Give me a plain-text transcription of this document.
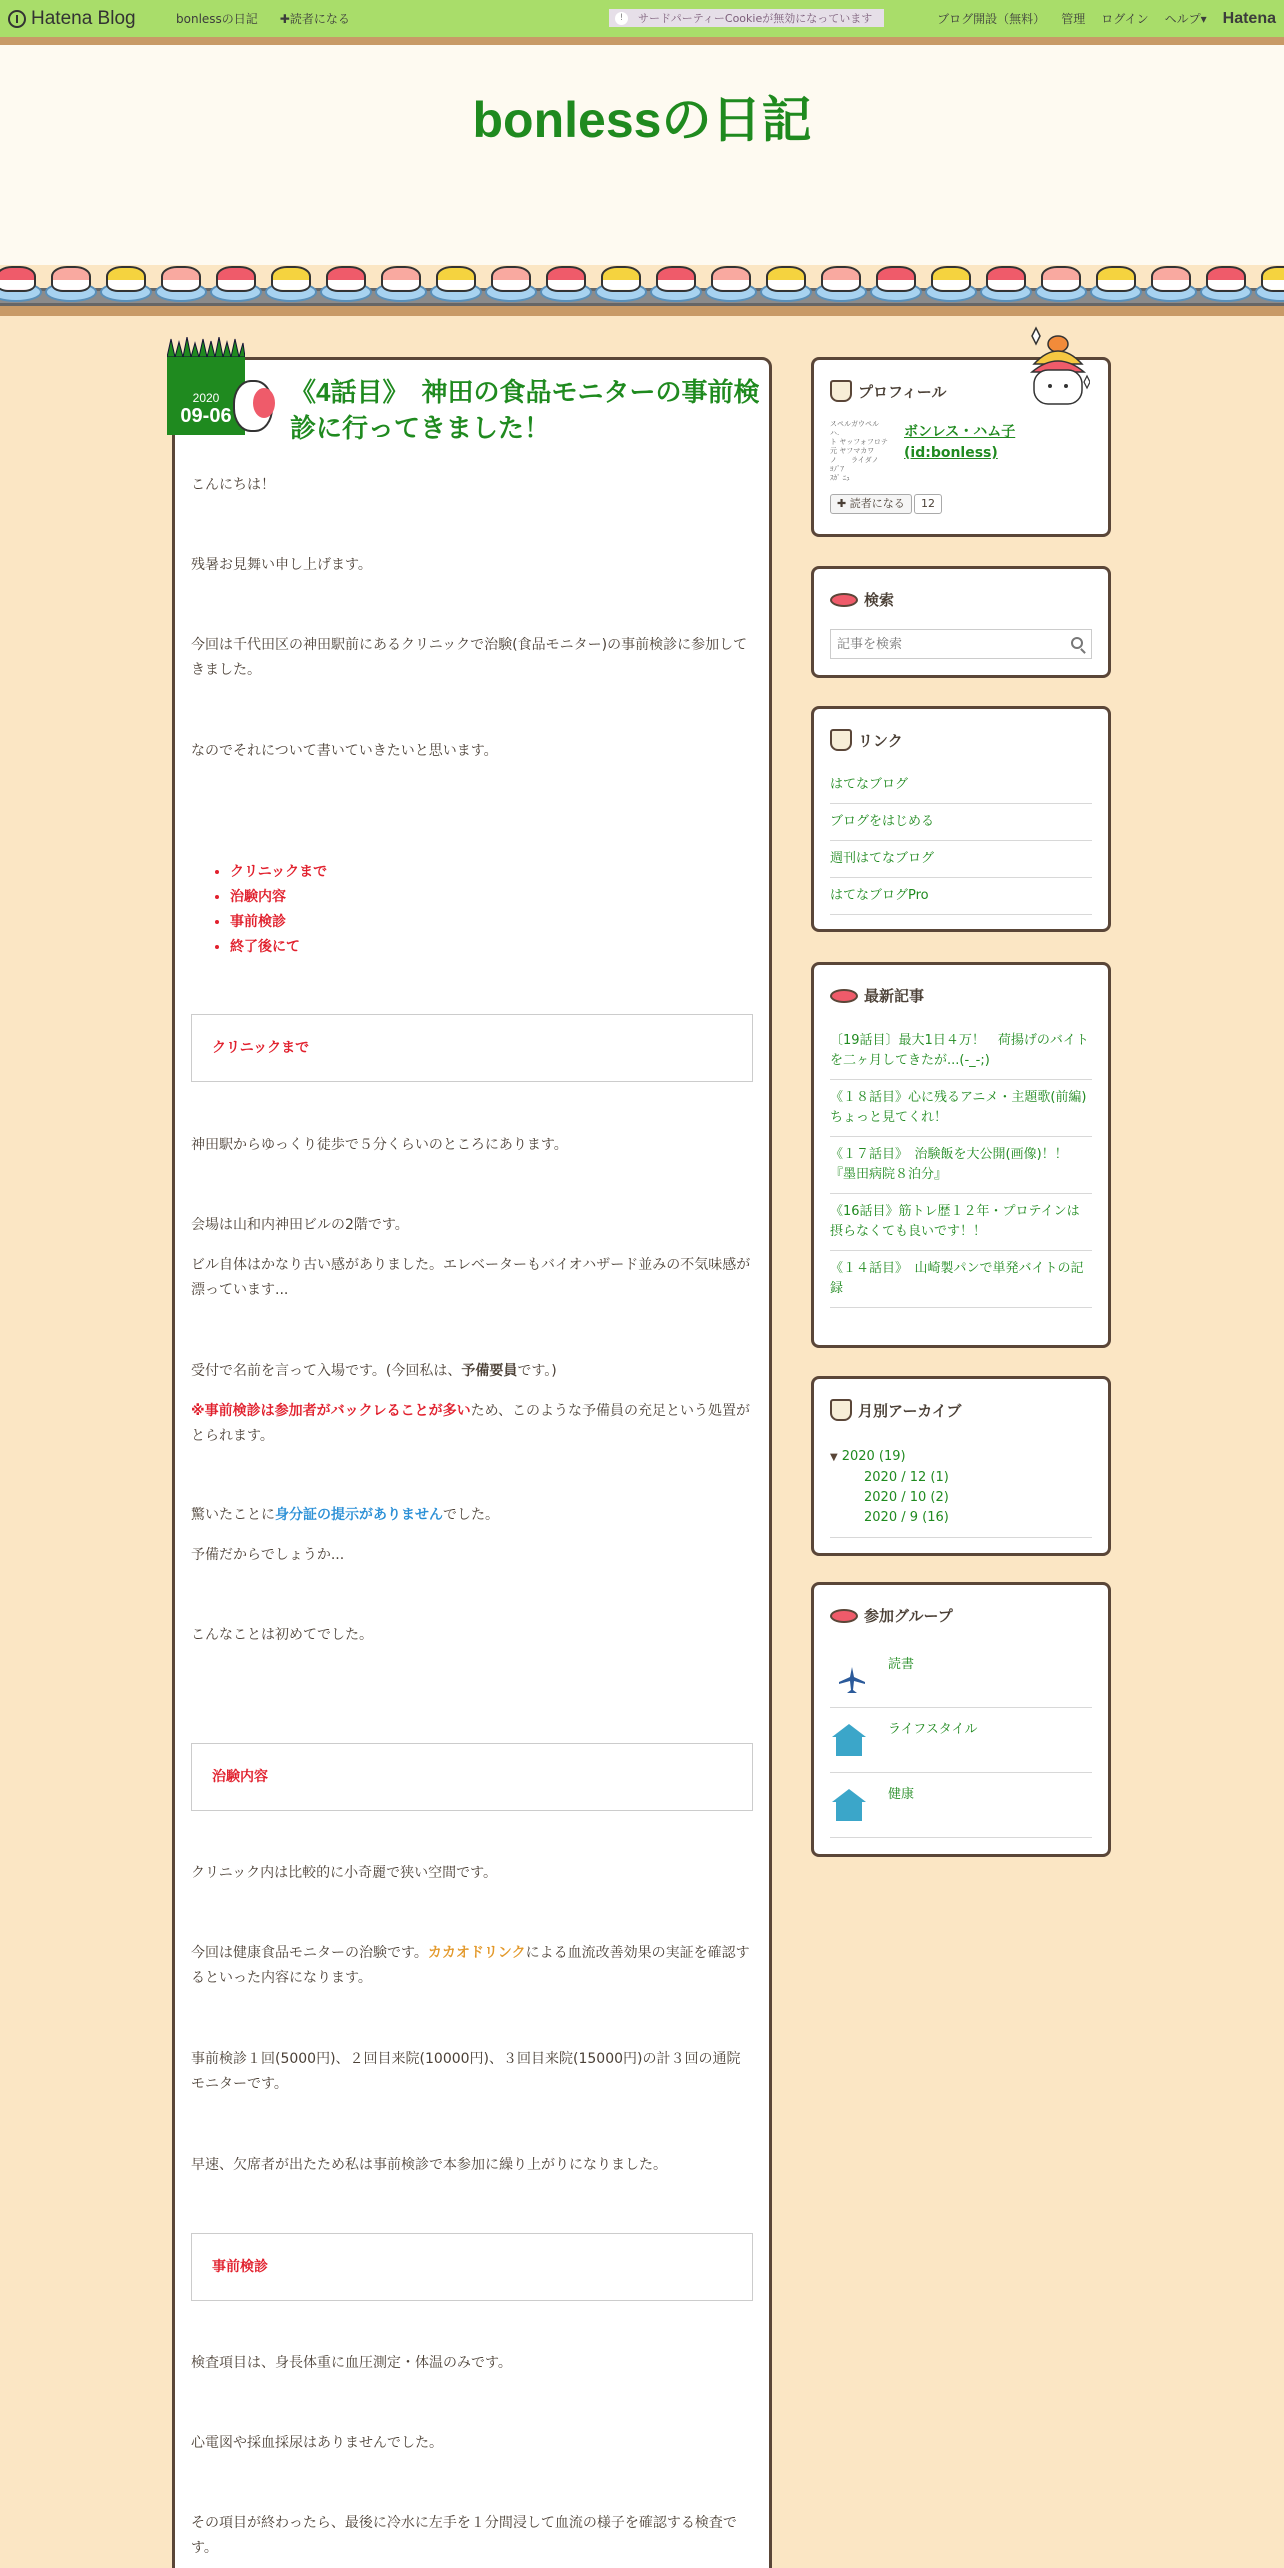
Hatena Blog	bonlessの日記 ✚読者になる	!	サードパーティーCookieが無効になっています	ブログ開設（無料） 管理 ログイン ヘルプ▾ Hatena
bonlessの日記
2020
09-06
《4話目》　神田の食品モニターの事前検診に行ってきました！
こんにちは！
残暑お見舞い申し上げます。
今回は千代田区の神田駅前にあるクリニックで治験(食品モニター)の事前検診に参加してきました。
なのでそれについて書いていきたいと思います。
• クリニックまで
• 治験内容
• 事前検診
• 終了後にて
クリニックまで
神田駅からゆっくり徒歩で５分くらいのところにあります。
会場は山和内神田ビルの2階です。
ビル自体はかなり古い感がありました。エレベーターもバイオハザード並みの不気味感が漂っています...
受付で名前を言って入場です。(今回私は、予備要員です。)
※事前検診は参加者がバックレることが多いため、このような予備員の充足という処置がとられます。
驚いたことに身分証の提示がありませんでした。
予備だからでしょうか...
こんなことは初めてでした。
治験内容
クリニック内は比較的に小奇麗で狭い空間です。
今回は健康食品モニターの治験です。カカオドリンクによる血流改善効果の実証を確認するといった内容になります。
事前検診１回(5000円)、２回目来院(10000円)、３回目来院(15000円)の計３回の通院モニターです。
早速、欠席者が出たため私は事前検診で本参加に繰り上がりになりました。
事前検診
検査項目は、身長体重に血圧測定・体温のみです。
心電図や採血採尿はありませんでした。
その項目が終わったら、最後に冷水に左手を１分間浸して血流の様子を確認する検査です。
プロフィール
スペルガウペル
ハ.
ト ヤッフォフロテ
元 ヤフマカワ
ノ　　ライダノ
ﾖﾉﾞｱ
ｽｶﾞ ﾆｭ
ボンレス・ハム子
(id:bonless)
✚ 読者になる	12
検索
記事を検索
リンク
はてなブログ
ブログをはじめる
週刊はてなブログ
はてなブログPro
最新記事
〔19話目〕最大1日４万！　荷揚げのバイトを二ヶ月してきたが...(-_-;)
《１８話目》心に残るアニメ・主題歌(前編)　ちょっと見てくれ！
《１７話目》　治験飯を大公開(画像)！！『墨田病院８泊分』
《16話目》筋トレ歴１２年・プロテインは摂らなくても良いです！！
《１４話目》　山崎製パンで単発バイトの記録
月別アーカイブ
▼ 2020 (19)
2020 / 12 (1)
2020 / 10 (2)
2020 / 9 (16)
参加グループ
読書
ライフスタイル
健康
